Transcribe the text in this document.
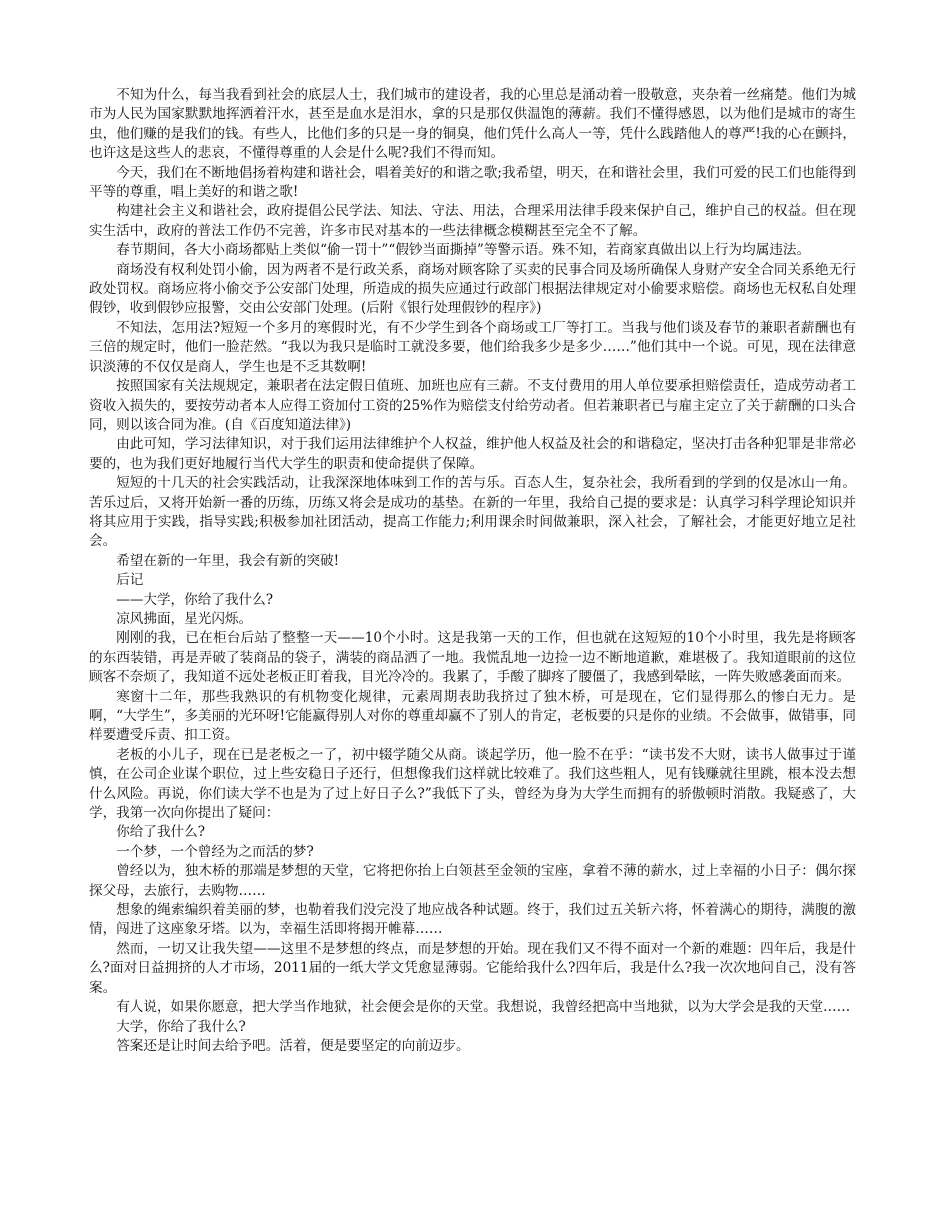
不知为什么，每当我看到社会的底层人士，我们城市的建设者，我的心里总是涌动着一股敬意，夹杂着一丝痛楚。他们为城市为人民为国家默默地挥洒着汗水，甚至是血水是泪水，拿的只是那仅供温饱的薄薪。我们不懂得感恩，以为他们是城市的寄生虫，他们赚的是我们的钱。有些人，比他们多的只是一身的铜臭，他们凭什么高人一等，凭什么践踏他人的尊严!我的心在颤抖，也许这是这些人的悲哀，不懂得尊重的人会是什么呢?我们不得而知。

今天，我们在不断地倡扬着构建和谐社会，唱着美好的和谐之歌;我希望，明天，在和谐社会里，我们可爱的民工们也能得到平等的尊重，唱上美好的和谐之歌!

构建社会主义和谐社会，政府提倡公民学法、知法、守法、用法，合理采用法律手段来保护自己，维护自己的权益。但在现实生活中，政府的普法工作仍不完善，许多市民对基本的一些法律概念模糊甚至完全不了解。

春节期间，各大小商场都贴上类似“偷一罚十”“假钞当面撕掉”等警示语。殊不知，若商家真做出以上行为均属违法。

商场没有权利处罚小偷，因为两者不是行政关系，商场对顾客除了买卖的民事合同及场所确保人身财产安全合同关系绝无行政处罚权。商场应将小偷交予公安部门处理，所造成的损失应通过行政部门根据法律规定对小偷要求赔偿。商场也无权私自处理假钞，收到假钞应报警，交由公安部门处理。(后附《银行处理假钞的程序》)

不知法，怎用法?短短一个多月的寒假时光，有不少学生到各个商场或工厂等打工。当我与他们谈及春节的兼职者薪酬也有三倍的规定时，他们一脸茫然。“我以为我只是临时工就没多要，他们给我多少是多少……”他们其中一个说。可见，现在法律意识淡薄的不仅仅是商人，学生也是不乏其数啊!

按照国家有关法规规定，兼职者在法定假日值班、加班也应有三薪。不支付费用的用人单位要承担赔偿责任，造成劳动者工资收入损失的，要按劳动者本人应得工资加付工资的25%作为赔偿支付给劳动者。但若兼职者已与雇主定立了关于薪酬的口头合同，则以该合同为准。(自《百度知道法律》)

由此可知，学习法律知识，对于我们运用法律维护个人权益，维护他人权益及社会的和谐稳定，坚决打击各种犯罪是非常必要的，也为我们更好地履行当代大学生的职责和使命提供了保障。

短短的十几天的社会实践活动，让我深深地体味到工作的苦与乐。百态人生，复杂社会，我所看到的学到的仅是冰山一角。苦乐过后，又将开始新一番的历练，历练又将会是成功的基垫。在新的一年里，我给自己提的要求是：认真学习科学理论知识并将其应用于实践，指导实践;积极参加社团活动，提高工作能力;利用课余时间做兼职，深入社会，了解社会，才能更好地立足社会。

希望在新的一年里，我会有新的突破!

后记

——大学，你给了我什么?

凉风拂面，星光闪烁。

刚刚的我，已在柜台后站了整整一天——10个小时。这是我第一天的工作，但也就在这短短的10个小时里，我先是将顾客的东西装错，再是弄破了装商品的袋子，满装的商品洒了一地。我慌乱地一边捡一边不断地道歉，难堪极了。我知道眼前的这位顾客不奈烦了，我知道不远处老板正盯着我，目光冷冷的。我累了，手酸了脚疼了腰僵了，我感到晕眩，一阵失败感袭面而来。

寒窗十二年，那些我熟识的有机物变化规律，元素周期表助我挤过了独木桥，可是现在，它们显得那么的惨白无力。是啊，“大学生”，多美丽的光环呀!它能赢得别人对你的尊重却赢不了别人的肯定，老板要的只是你的业绩。不会做事，做错事，同样要遭受斥责、扣工资。

老板的小儿子，现在已是老板之一了，初中辍学随父从商。谈起学历，他一脸不在乎：“读书发不大财，读书人做事过于谨慎，在公司企业谋个职位，过上些安稳日子还行，但想像我们这样就比较难了。我们这些粗人，见有钱赚就往里跳，根本没去想什么风险。再说，你们读大学不也是为了过上好日子么?”我低下了头，曾经为身为大学生而拥有的骄傲顿时消散。我疑惑了，大学，我第一次向你提出了疑问：

你给了我什么?

一个梦，一个曾经为之而活的梦?

曾经以为，独木桥的那端是梦想的天堂，它将把你抬上白领甚至金领的宝座，拿着不薄的薪水，过上幸福的小日子：偶尔探探父母，去旅行，去购物……

想象的绳索编织着美丽的梦，也勒着我们没完没了地应战各种试题。终于，我们过五关斩六将，怀着满心的期待，满腹的激情，闯进了这座象牙塔。以为，幸福生活即将揭开帷幕……

然而，一切又让我失望——这里不是梦想的终点，而是梦想的开始。现在我们又不得不面对一个新的难题：四年后，我是什么?面对日益拥挤的人才市场，2011届的一纸大学文凭愈显薄弱。它能给我什么?四年后，我是什么?我一次次地问自己，没有答案。

有人说，如果你愿意，把大学当作地狱，社会便会是你的天堂。我想说，我曾经把高中当地狱，以为大学会是我的天堂……

大学，你给了我什么?

答案还是让时间去给予吧。活着，便是要坚定的向前迈步。
